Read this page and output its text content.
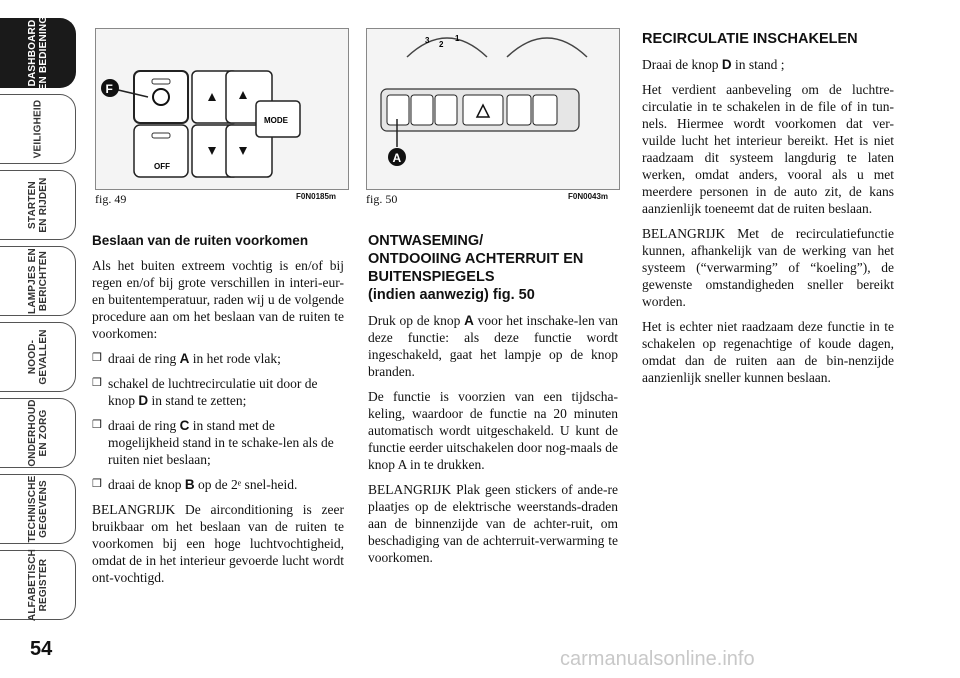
DASHBOARD
EN BEDIENING
VEILIGHEID
STARTEN
EN RIJDEN
LAMPJES EN
BERICHTEN
NOOD-
GEVALLEN
ONDERHOUD
EN ZORG
TECHNISCHE
GEGEVENS
ALFABETISCH
REGISTER
54
MODE
OFF
F
fig. 49	F0N0185m
3 2
1
A
fig. 50	F0N0043m
Beslaan van de ruiten voorkomen

Als het buiten extreem vochtig is en/of bij regen en/of bij grote verschillen in interi-eur- en buitentemperatuur, raden wij u de volgende procedure aan om het beslaan van de ruiten te voorkomen:

❒ draai de ring A in het rode vlak;
❒ schakel de luchtrecirculatie uit door de knop D in stand te zetten;
❒ draai de ring C in stand met de mogelijkheid stand in te schake-len als de ruiten niet beslaan;
❒ draai de knop B op de 2ᵉ snel-heid.

BELANGRIJK De airconditioning is zeer bruikbaar om het beslaan van de ruiten te voorkomen bij een hoge luchtvochtigheid, omdat de in het interieur gevoerde lucht wordt ont-vochtigd.

ONTWASEMING/
ONTDOOIING ACHTERRUIT EN BUITENSPIEGELS
(indien aanwezig) fig. 50

Druk op de knop A voor het inschake-len van deze functie: als deze functie wordt ingeschakeld, gaat het lampje op de knop branden.

De functie is voorzien van een tijdscha-keling, waardoor de functie na 20 minuten automatisch wordt uitgeschakeld. U kunt de functie eerder uitschakelen door nog-maals de knop A in te drukken.

BELANGRIJK Plak geen stickers of ande-re plaatjes op de elektrische weerstands-draden aan de binnenzijde van de achter-ruit, om beschadiging van de achterruit-verwarming te voorkomen.

RECIRCULATIE INSCHAKELEN

Draai de knop D in stand ;

Het verdient aanbeveling om de luchtre-circulatie in te schakelen in de file of in tun-nels. Hiermee wordt voorkomen dat ver-vuilde lucht het interieur bereikt. Het is niet raadzaam dit systeem langdurig te laten werken, omdat anders, vooral als u met meerdere personen in de auto zit, de kans aanzienlijk toeneemt dat de ruiten beslaan.

BELANGRIJK Met de recirculatiefunctie kunnen, afhankelijk van de werking van het systeem (“verwarming” of “koeling”), de gewenste omstandigheden sneller bereikt worden.

Het is echter niet raadzaam deze functie in te schakelen op regenachtige of koude dagen, omdat dan de ruiten aan de bin-nenzijde aanzienlijk sneller kunnen beslaan.

carmanualsonline.info
